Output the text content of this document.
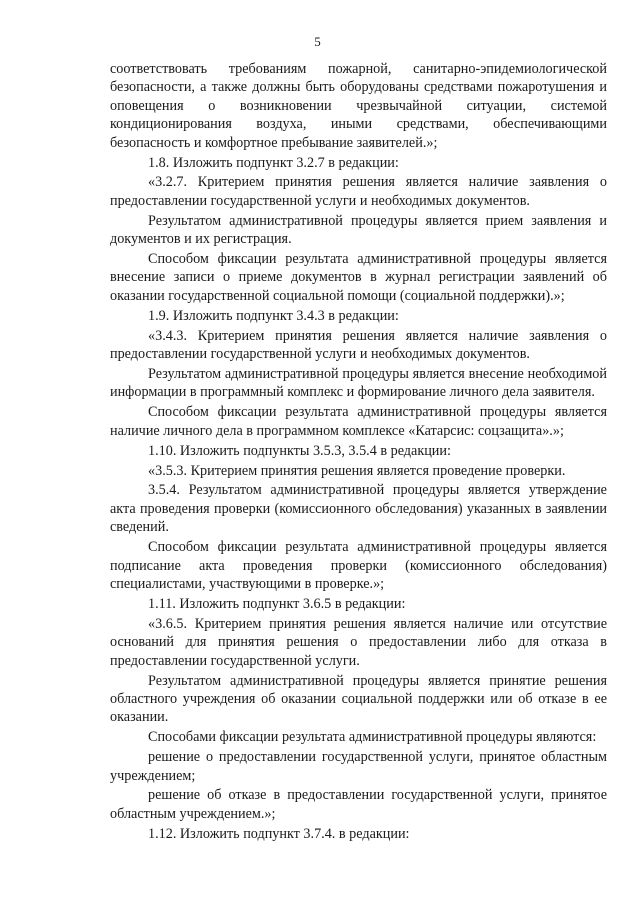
5

соответствовать требованиям пожарной, санитарно-эпидемиологической безопасности, а также должны быть оборудованы средствами пожаротушения и оповещения о возникновении чрезвычайной ситуации, системой кондиционирования воздуха, иными средствами, обеспечивающими безопасность и комфортное пребывание заявителей.»;

1.8. Изложить подпункт 3.2.7 в редакции:

«3.2.7. Критерием принятия решения является наличие заявления о предоставлении государственной услуги и необходимых документов.

Результатом административной процедуры является прием заявления и документов и их регистрация.

Способом фиксации результата административной процедуры является внесение записи о приеме документов в журнал регистрации заявлений об оказании государственной социальной помощи (социальной поддержки).»;

1.9. Изложить подпункт 3.4.3 в редакции:

«3.4.3. Критерием принятия решения является наличие заявления о предоставлении государственной услуги и необходимых документов.

Результатом административной процедуры является внесение необходимой информации в программный комплекс и формирование личного дела заявителя.

Способом фиксации результата административной процедуры является наличие личного дела в программном комплексе «Катарсис: соцзащита».»;

1.10. Изложить подпункты 3.5.3, 3.5.4 в редакции:

«3.5.3. Критерием принятия решения является проведение проверки.

3.5.4. Результатом административной процедуры является утверждение акта проведения проверки (комиссионного обследования) указанных в заявлении сведений.

Способом фиксации результата административной процедуры является подписание акта проведения проверки (комиссионного обследования) специалистами, участвующими в проверке.»;

1.11. Изложить подпункт 3.6.5 в редакции:

«3.6.5. Критерием принятия решения является наличие или отсутствие оснований для принятия решения о предоставлении либо для отказа в предоставлении государственной услуги.

Результатом административной процедуры является принятие решения областного учреждения об оказании социальной поддержки или об отказе в ее оказании.

Способами фиксации результата административной процедуры являются:

решение о предоставлении государственной услуги, принятое областным учреждением;

решение об отказе в предоставлении государственной услуги, принятое областным учреждением.»;

1.12. Изложить подпункт 3.7.4. в редакции:
